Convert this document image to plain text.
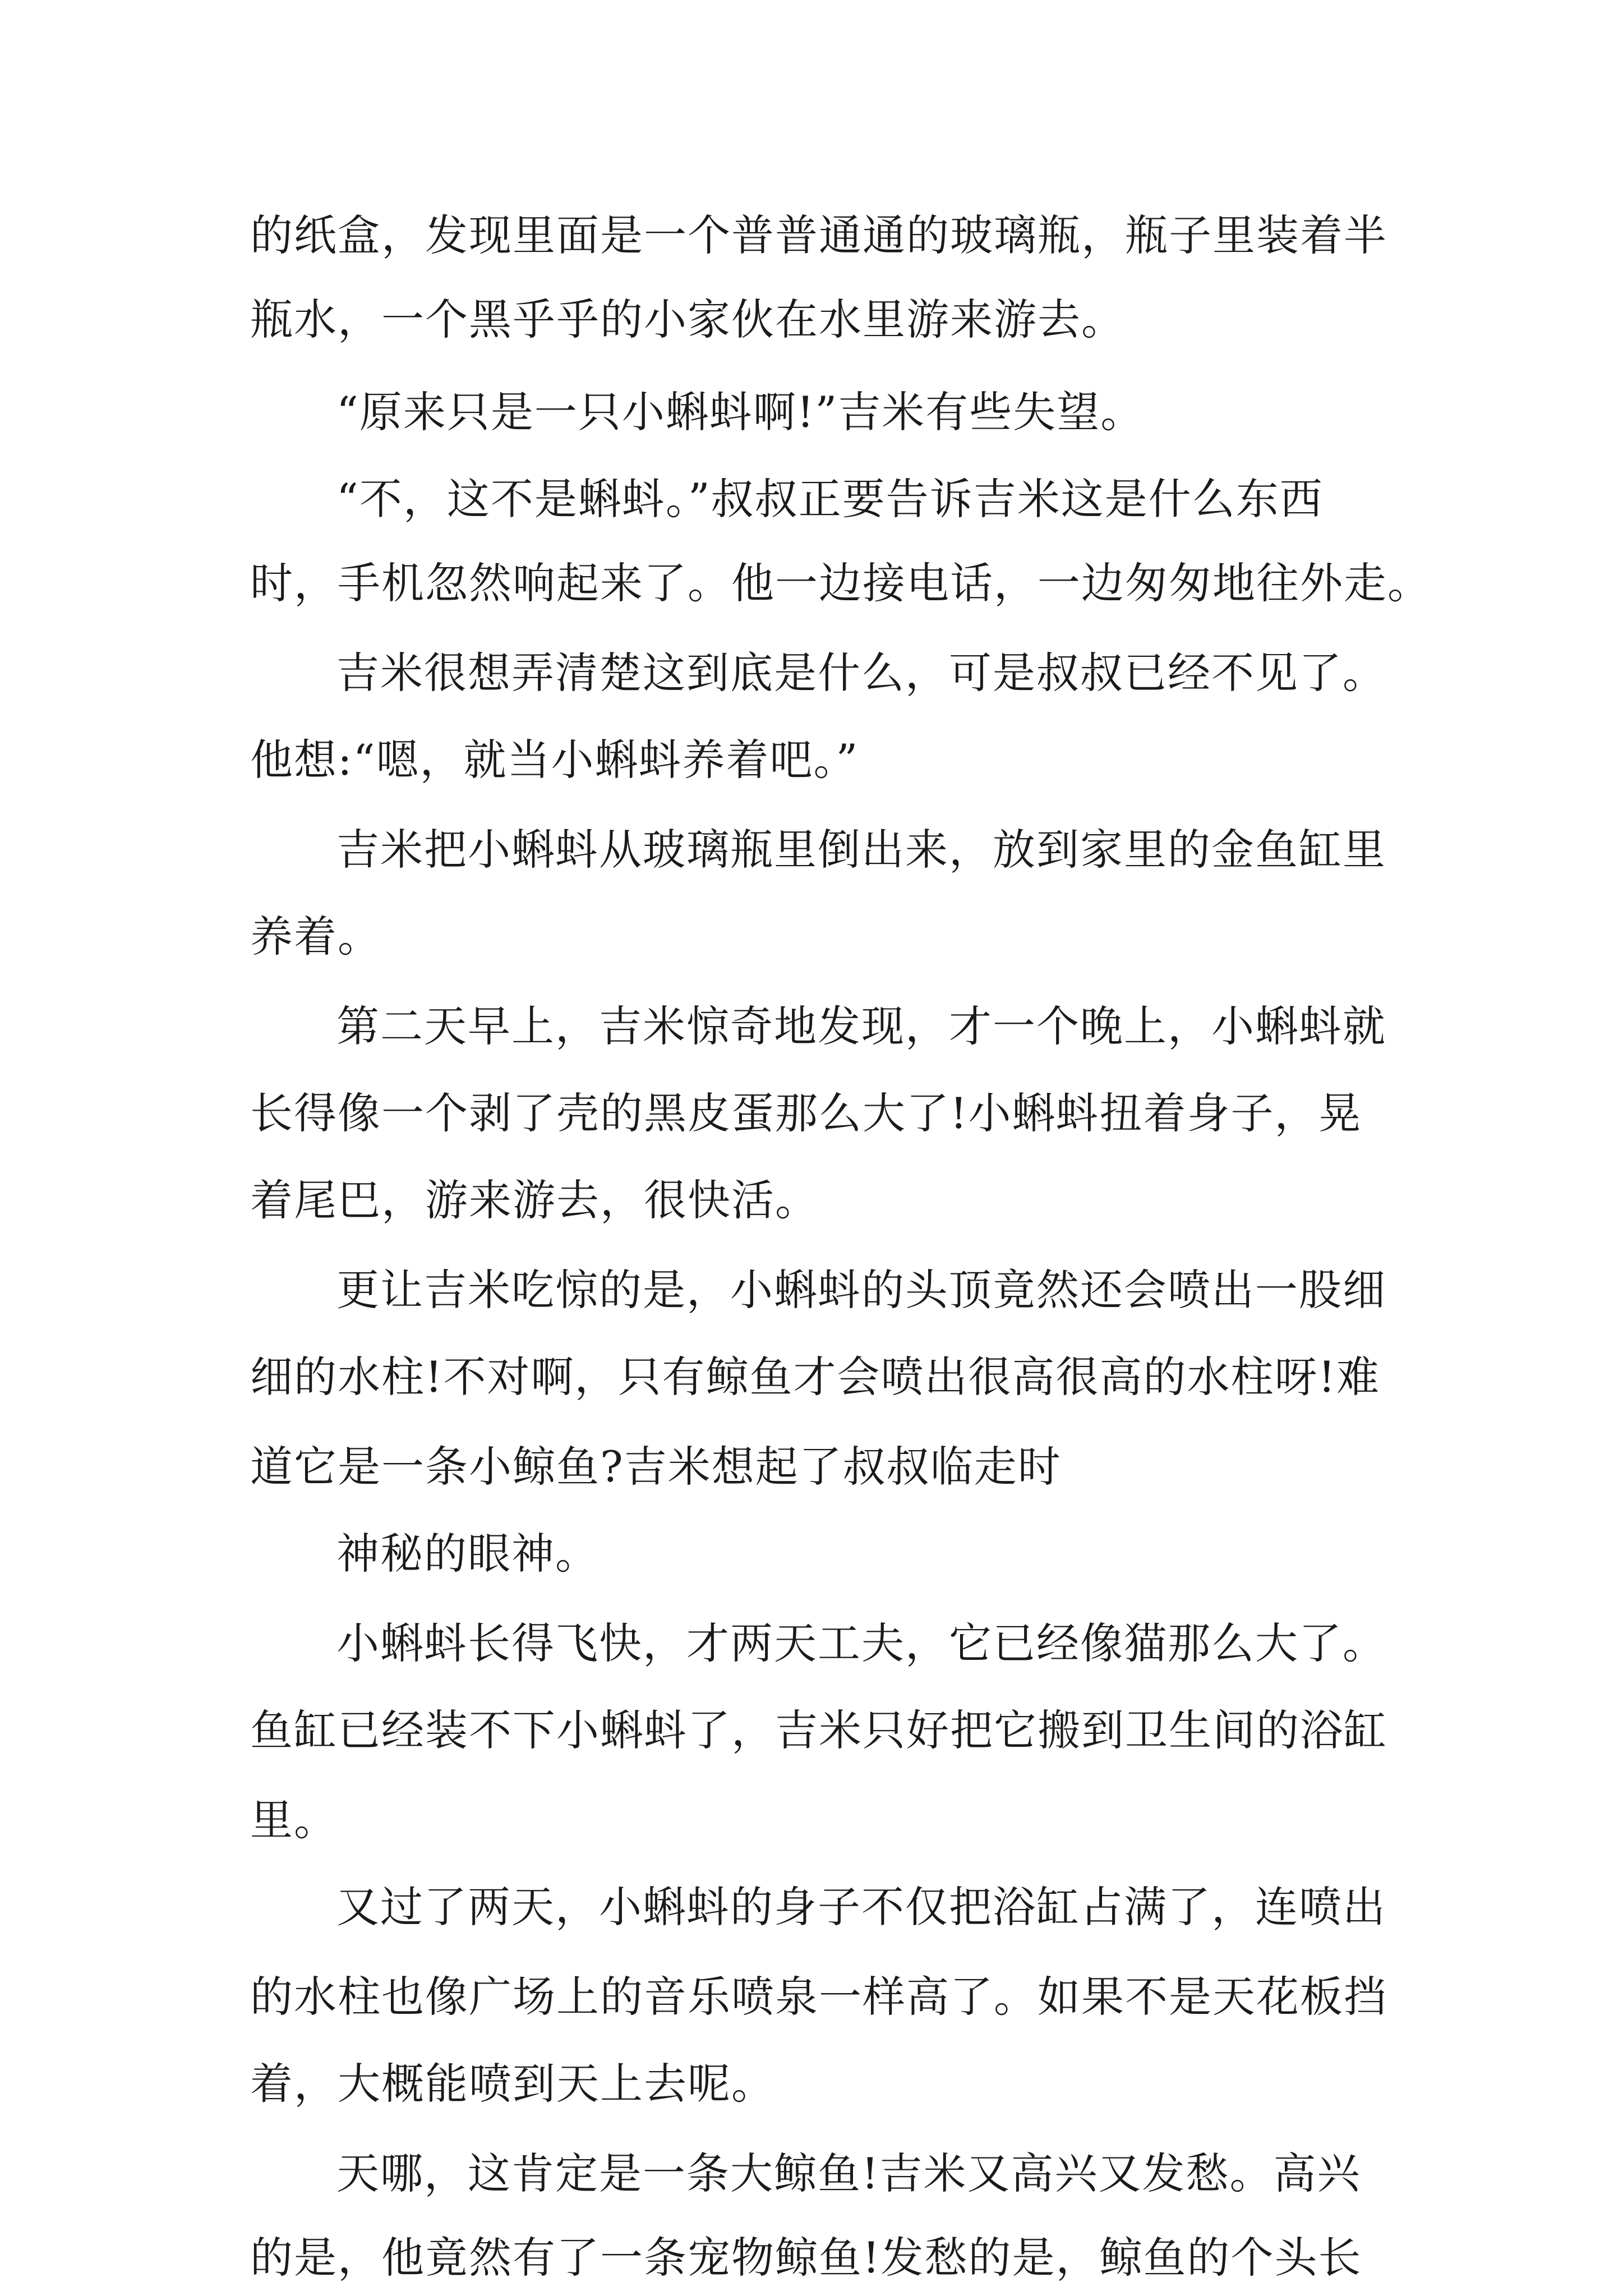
的纸盒，发现里面是一个普普通通的玻璃瓶，瓶子里装着半
瓶水，一个黑乎乎的小家伙在水里游来游去。
“原来只是一只小蝌蚪啊!”吉米有些失望。
“不，这不是蝌蚪。”叔叔正要告诉吉米这是什么东西
时，手机忽然响起来了。他一边接电话，一边匆匆地往外走。
吉米很想弄清楚这到底是什么，可是叔叔已经不见了。
他想:“嗯，就当小蝌蚪养着吧。”
吉米把小蝌蚪从玻璃瓶里倒出来，放到家里的金鱼缸里
养着。
第二天早上，吉米惊奇地发现，才一个晚上，小蝌蚪就
长得像一个剥了壳的黑皮蛋那么大了!小蝌蚪扭着身子，晃
着尾巴，游来游去，很快活。
更让吉米吃惊的是，小蝌蚪的头顶竟然还会喷出一股细
细的水柱!不对啊，只有鲸鱼才会喷出很高很高的水柱呀!难
道它是一条小鲸鱼?吉米想起了叔叔临走时
神秘的眼神。
小蝌蚪长得飞快，才两天工夫，它已经像猫那么大了。
鱼缸已经装不下小蝌蚪了，吉米只好把它搬到卫生间的浴缸
里。
又过了两天，小蝌蚪的身子不仅把浴缸占满了，连喷出
的水柱也像广场上的音乐喷泉一样高了。如果不是天花板挡
着，大概能喷到天上去呢。
天哪，这肯定是一条大鲸鱼!吉米又高兴又发愁。高兴
的是，他竟然有了一条宠物鲸鱼!发愁的是，鲸鱼的个头长
